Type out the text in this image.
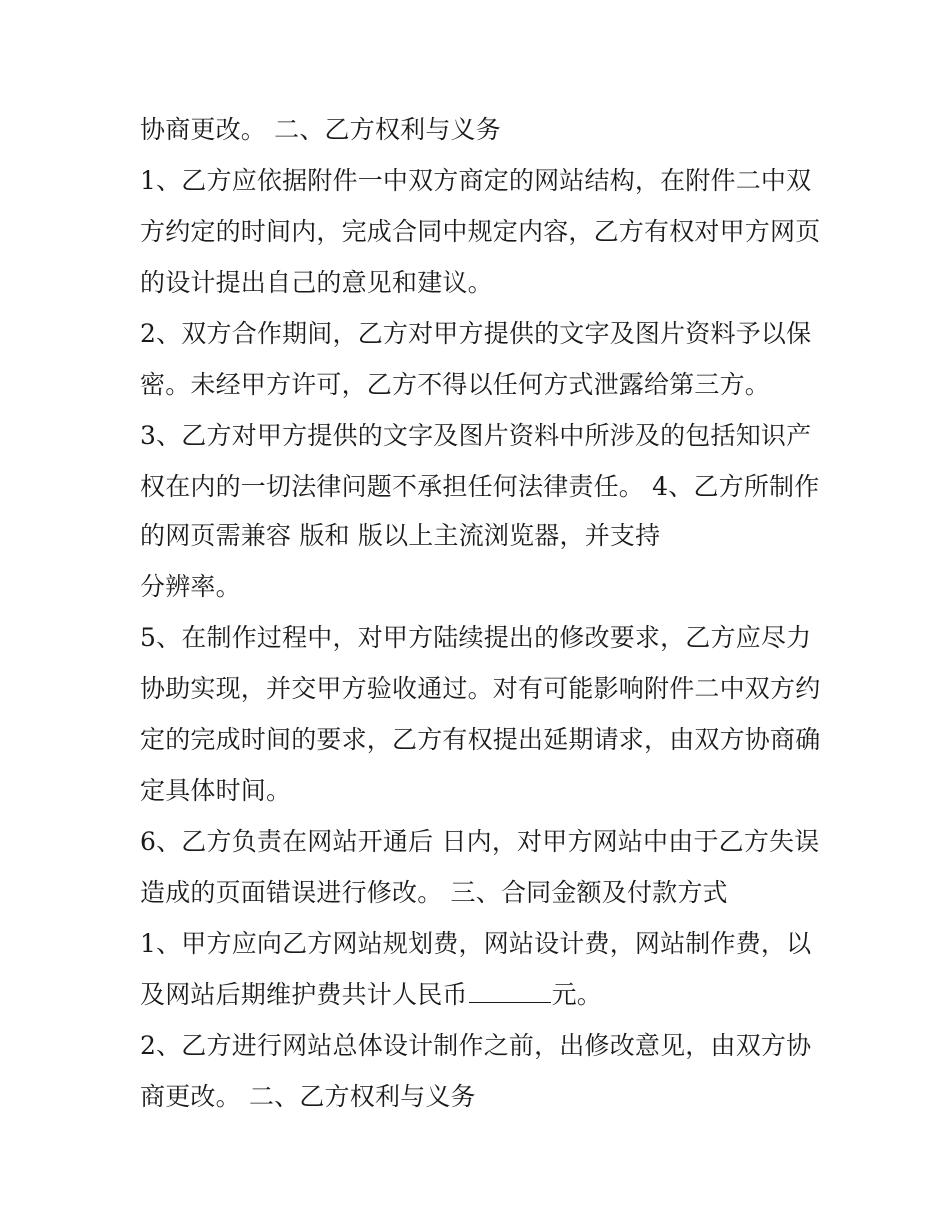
协商更改。 二、乙方权利与义务
1、乙方应依据附件一中双方商定的网站结构，在附件二中双
方约定的时间内，完成合同中规定内容，乙方有权对甲方网页
的设计提出自己的意见和建议。
2、双方合作期间，乙方对甲方提供的文字及图片资料予以保
密。未经甲方许可，乙方不得以任何方式泄露给第三方。
3、乙方对甲方提供的文字及图片资料中所涉及的包括知识产
权在内的一切法律问题不承担任何法律责任。 4、乙方所制作
的网页需兼容 版和 版以上主流浏览器，并支持
分辨率。
5、在制作过程中，对甲方陆续提出的修改要求，乙方应尽力
协助实现，并交甲方验收通过。对有可能影响附件二中双方约
定的完成时间的要求，乙方有权提出延期请求，由双方协商确
定具体时间。
6、乙方负责在网站开通后 日内，对甲方网站中由于乙方失误
造成的页面错误进行修改。 三、合同金额及付款方式
1、甲方应向乙方网站规划费，网站设计费，网站制作费，以
及网站后期维护费共计人民币	元。
2、乙方进行网站总体设计制作之前，出修改意见，由双方协
商更改。 二、乙方权利与义务
